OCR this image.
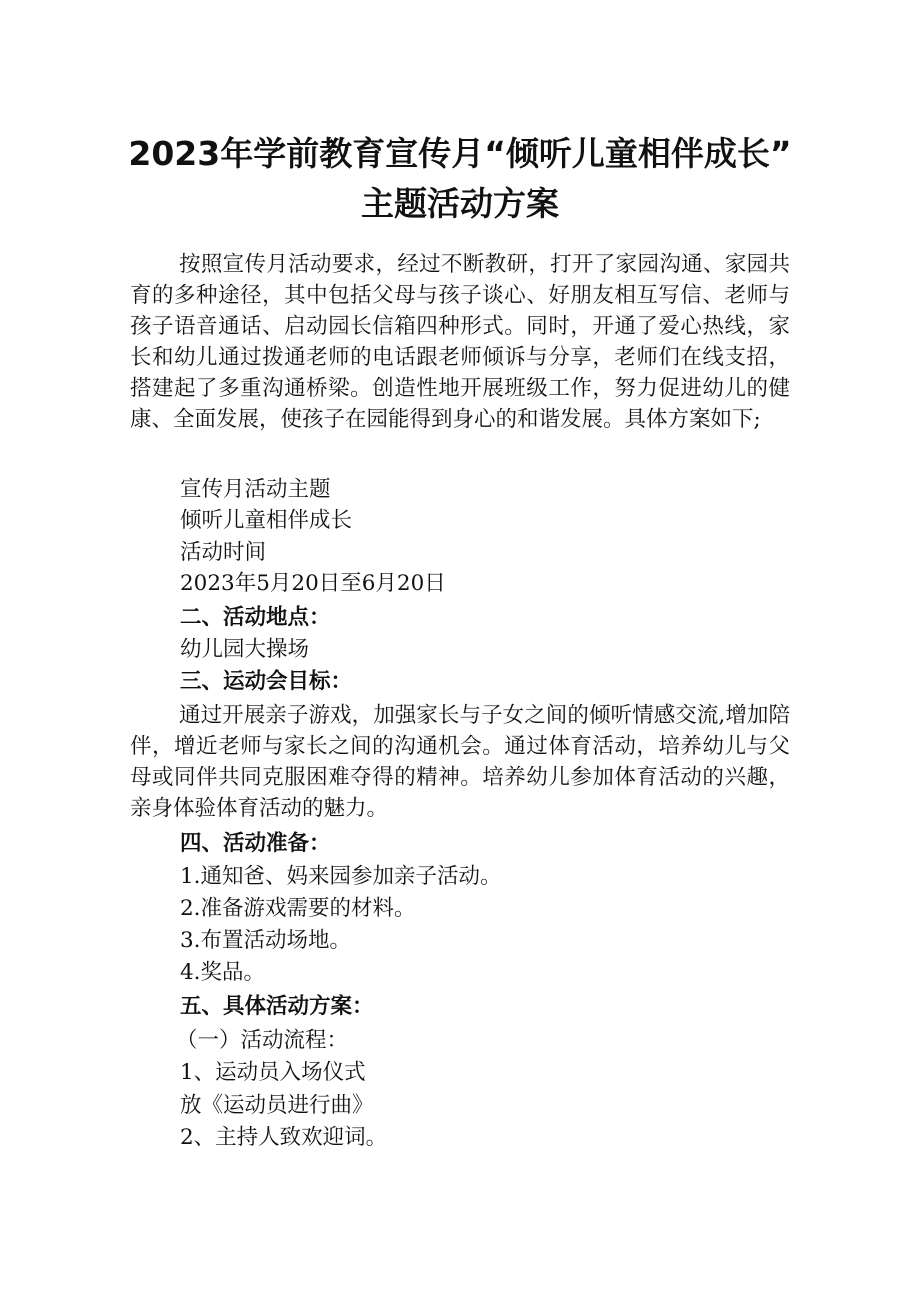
2023年学前教育宣传月“倾听儿童相伴成长”
主题活动方案

按照宣传月活动要求，经过不断教研，打开了家园沟通、家园共育的多种途径，其中包括父母与孩子谈心、好朋友相互写信、老师与孩子语音通话、启动园长信箱四种形式。同时，开通了爱心热线，家长和幼儿通过拨通老师的电话跟老师倾诉与分享，老师们在线支招，搭建起了多重沟通桥梁。创造性地开展班级工作，努力促进幼儿的健康、全面发展，使孩子在园能得到身心的和谐发展。具体方案如下;

宣传月活动主题

倾听儿童相伴成长

活动时间

2023年5月20日至6月20日

二、活动地点：

幼儿园大操场

三、运动会目标：

通过开展亲子游戏，加强家长与子女之间的倾听情感交流,增加陪伴，增近老师与家长之间的沟通机会。通过体育活动，培养幼儿与父母或同伴共同克服困难夺得的精神。培养幼儿参加体育活动的兴趣，亲身体验体育活动的魅力。

四、活动准备：

1.通知爸、妈来园参加亲子活动。

2.准备游戏需要的材料。

3.布置活动场地。

4.奖品。

五、具体活动方案：

（一）活动流程：

1、运动员入场仪式

放《运动员进行曲》

2、主持人致欢迎词。
